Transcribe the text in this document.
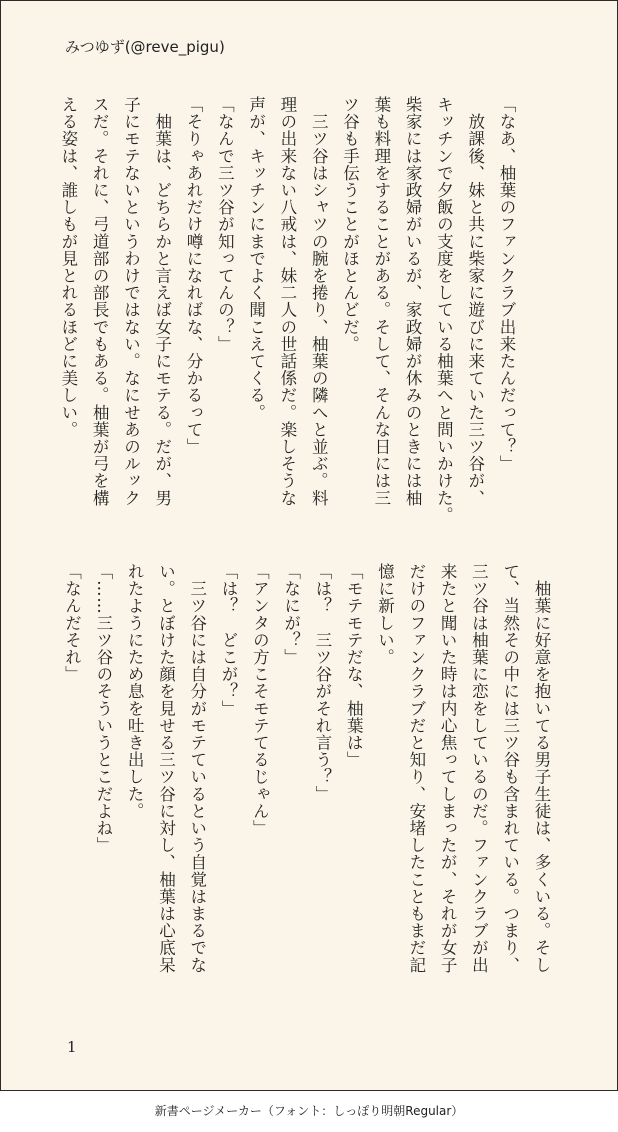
みつゆず(@reve_pigu)
「なあ、柚葉のファンクラブ出来たんだって？」
　放課後、妹と共に柴家に遊びに来ていた三ツ谷が、
キッチンで夕飯の支度をしている柚葉へと問いかけた。
柴家には家政婦がいるが、家政婦が休みのときには柚
葉も料理をすることがある。そして、そんな日には三
ツ谷も手伝うことがほとんどだ。
　三ツ谷はシャツの腕を捲り、柚葉の隣へと並ぶ。料
理の出来ない八戒は、妹二人の世話係だ。楽しそうな
声が、キッチンにまでよく聞こえてくる。
「なんで三ツ谷が知ってんの？」
「そりゃあれだけ噂になればな、分かるって」
　柚葉は、どちらかと言えば女子にモテる。だが、男
子にモテないというわけではない。なにせあのルック
スだ。それに、弓道部の部長でもある。柚葉が弓を構
える姿は、誰しもが見とれるほどに美しい。
　柚葉に好意を抱いてる男子生徒は、多くいる。そし
て、当然その中には三ツ谷も含まれている。つまり、
三ツ谷は柚葉に恋をしているのだ。ファンクラブが出
来たと聞いた時は内心焦ってしまったが、それが女子
だけのファンクラブだと知り、安堵したこともまだ記
憶に新しい。
「モテモテだな、柚葉は」
「は？　三ツ谷がそれ言う？」
「なにが？」
「アンタの方こそモテてるじゃん」
「は？　どこが？」
　三ツ谷には自分がモテているという自覚はまるでな
い。とぼけた顔を見せる三ツ谷に対し、柚葉は心底呆
れたようにため息を吐き出した。
「……三ツ谷のそういうとこだよね」
「なんだそれ」
1
新書ページメーカー（フォント：しっぽり明朝Regular）
